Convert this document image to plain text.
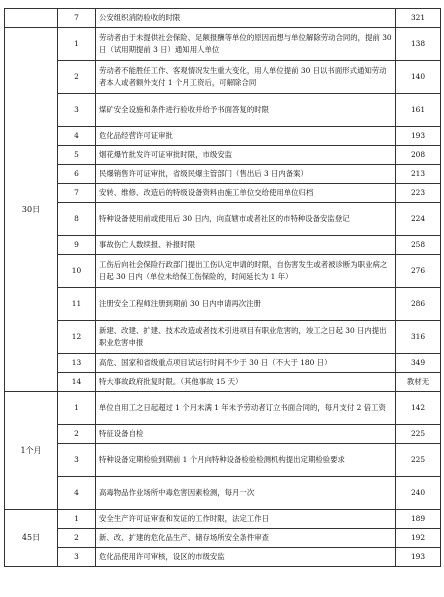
	7	公安组织消防验收的时限	321
30日	1	劳动者由于未提供社会保险、足额报酬等单位的原因而想与单位解除劳动合同的，提前 30 日（试用期提前 3 日）通知用人单位	138
	2	劳动者不能胜任工作、客观情况发生重大变化，用人单位提前 30 日以书面形式通知劳动者本人或者额外支付 1 个月工资后，可解除合同	140
	3	煤矿安全设施和条件进行验收并给予书面答复的时限	161
	4	危化品经营许可证审批	193
	5	烟花爆竹批发许可证审批时限，市级安监	208
	6	民爆销售许可证审批，省级民爆主管部门（售出后 3 日内备案）	213
	7	安转、维修、改造后的特级设备资料由施工单位交给使用单位归档	223
	8	特种设备使用前或使用后 30 日内，向直辖市或者社区的市特种设备安监登记	224
	9	事故伤亡人数续报、补报时限	258
	10	工伤后向社会保险行政部门提出工伤认定申请的时限，自伤害发生或者被诊断为职业病之日起 30 日内（单位未给保工伤保险的，时间延长为 1 年）	276
	11	注册安全工程师注册到期前 30 日内申请再次注册	286
	12	新建、改建、扩建、技术改造或者技术引进项目有职业危害的，竣工之日起 30 日内提出职业危害申报	316
	13	高危、国家和省级重点项目试运行时间不少于 30 日（不大于 180 日）	349
	14	特大事故政府批复时限。（其他事故 15 天）	教材无
1个月	1	单位自用工之日起超过 1 个月未满 1 年未予劳动者订立书面合同的，每月支付 2 倍工资	142
	2	特征设备自检	225
	3	特种设备定期检验到期前 1 个月向特种设备检验检测机构提出定期检验要求	225
	4	高毒物品作业场所中毒危害因素检测，每月一次	240
45日	1	安全生产许可证审查和发证的工作时限，法定工作日	189
	2	新、改、扩建的危化品生产、储存场所安全条件审查	192
	3	危化品使用许可审核，设区的市级安监	193
